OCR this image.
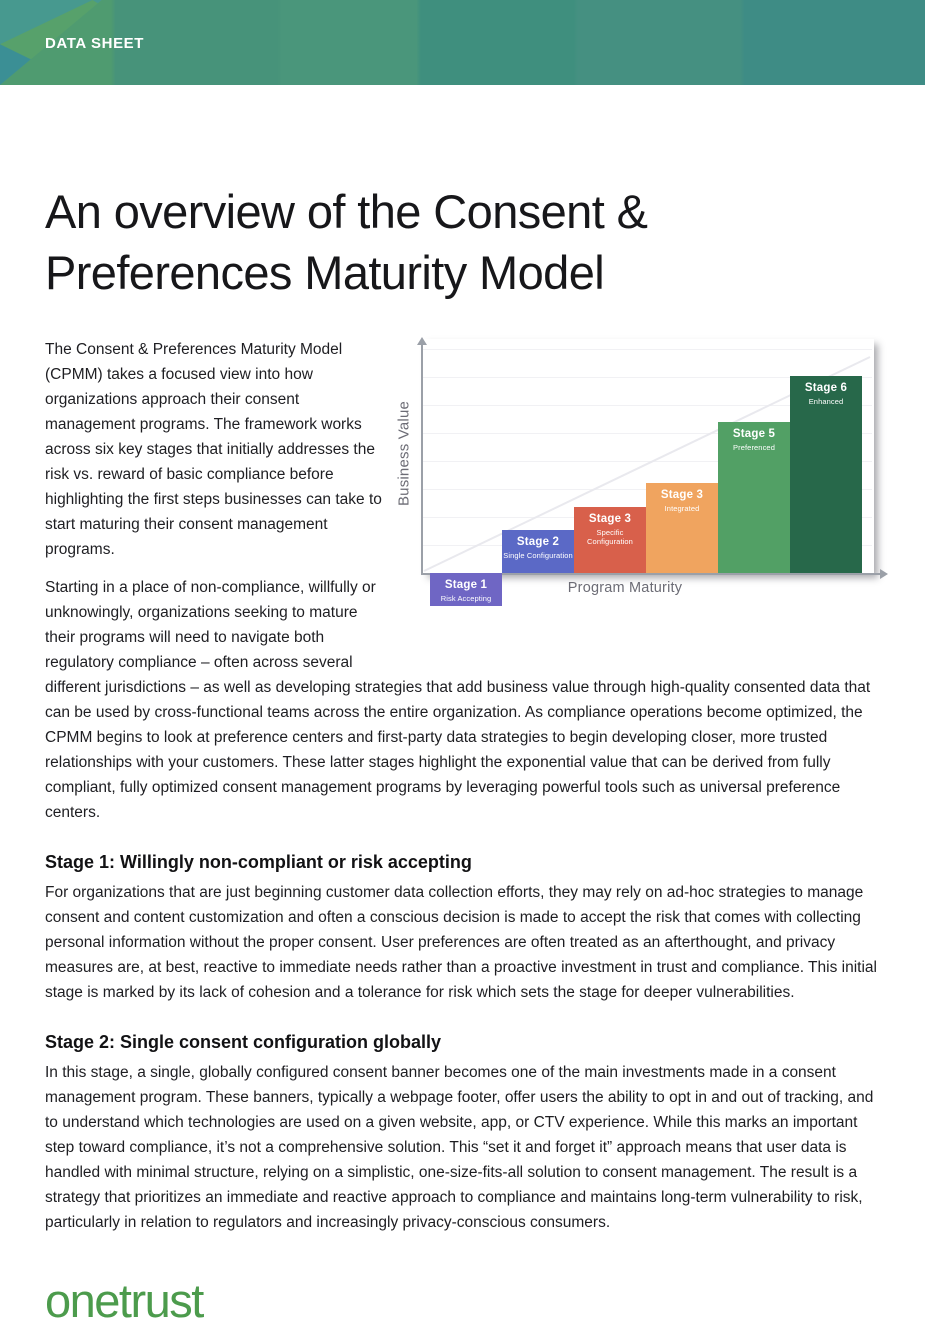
DATA SHEET
An overview of the Consent & Preferences Maturity Model
Business Value
Stage 1
Risk Accepting
Stage 2
Single Configuration
Stage 3
Specific Configuration
Stage 3
Integrated
Stage 5
Preferenced
Stage 6
Enhanced
Program Maturity

The Consent & Preferences Maturity Model (CPMM) takes a focused view into how organizations approach their consent management programs. The framework works across six key stages that initially addresses the risk vs. reward of basic compliance before highlighting the first steps businesses can take to start maturing their consent management programs.

Starting in a place of non-compliance, willfully or unknowingly, organizations seeking to mature their programs will need to navigate both regulatory compliance – often across several different jurisdictions – as well as developing strategies that add business value through high-quality consented data that can be used by cross-functional teams across the entire organization. As compliance operations become optimized, the CPMM begins to look at preference centers and first-party data strategies to begin developing closer, more trusted relationships with your customers. These latter stages highlight the exponential value that can be derived from fully compliant, fully optimized consent management programs by leveraging powerful tools such as universal preference centers.

Stage 1: Willingly non-compliant or risk accepting

For organizations that are just beginning customer data collection efforts, they may rely on ad-hoc strategies to manage consent and content customization and often a conscious decision is made to accept the risk that comes with collecting personal information without the proper consent. User preferences are often treated as an afterthought, and privacy measures are, at best, reactive to immediate needs rather than a proactive investment in trust and compliance. This initial stage is marked by its lack of cohesion and a tolerance for risk which sets the stage for deeper vulnerabilities.

Stage 2: Single consent configuration globally

In this stage, a single, globally configured consent banner becomes one of the main investments made in a consent management program. These banners, typically a webpage footer, offer users the ability to opt in and out of tracking, and to understand which technologies are used on a given website, app, or CTV experience. While this marks an important step toward compliance, it’s not a comprehensive solution. This “set it and forget it” approach means that user data is handled with minimal structure, relying on a simplistic, one-size-fits-all solution to consent management. The result is a strategy that prioritizes an immediate and reactive approach to compliance and maintains long-term vulnerability to risk, particularly in relation to regulators and increasingly privacy-conscious consumers.

onetrust
